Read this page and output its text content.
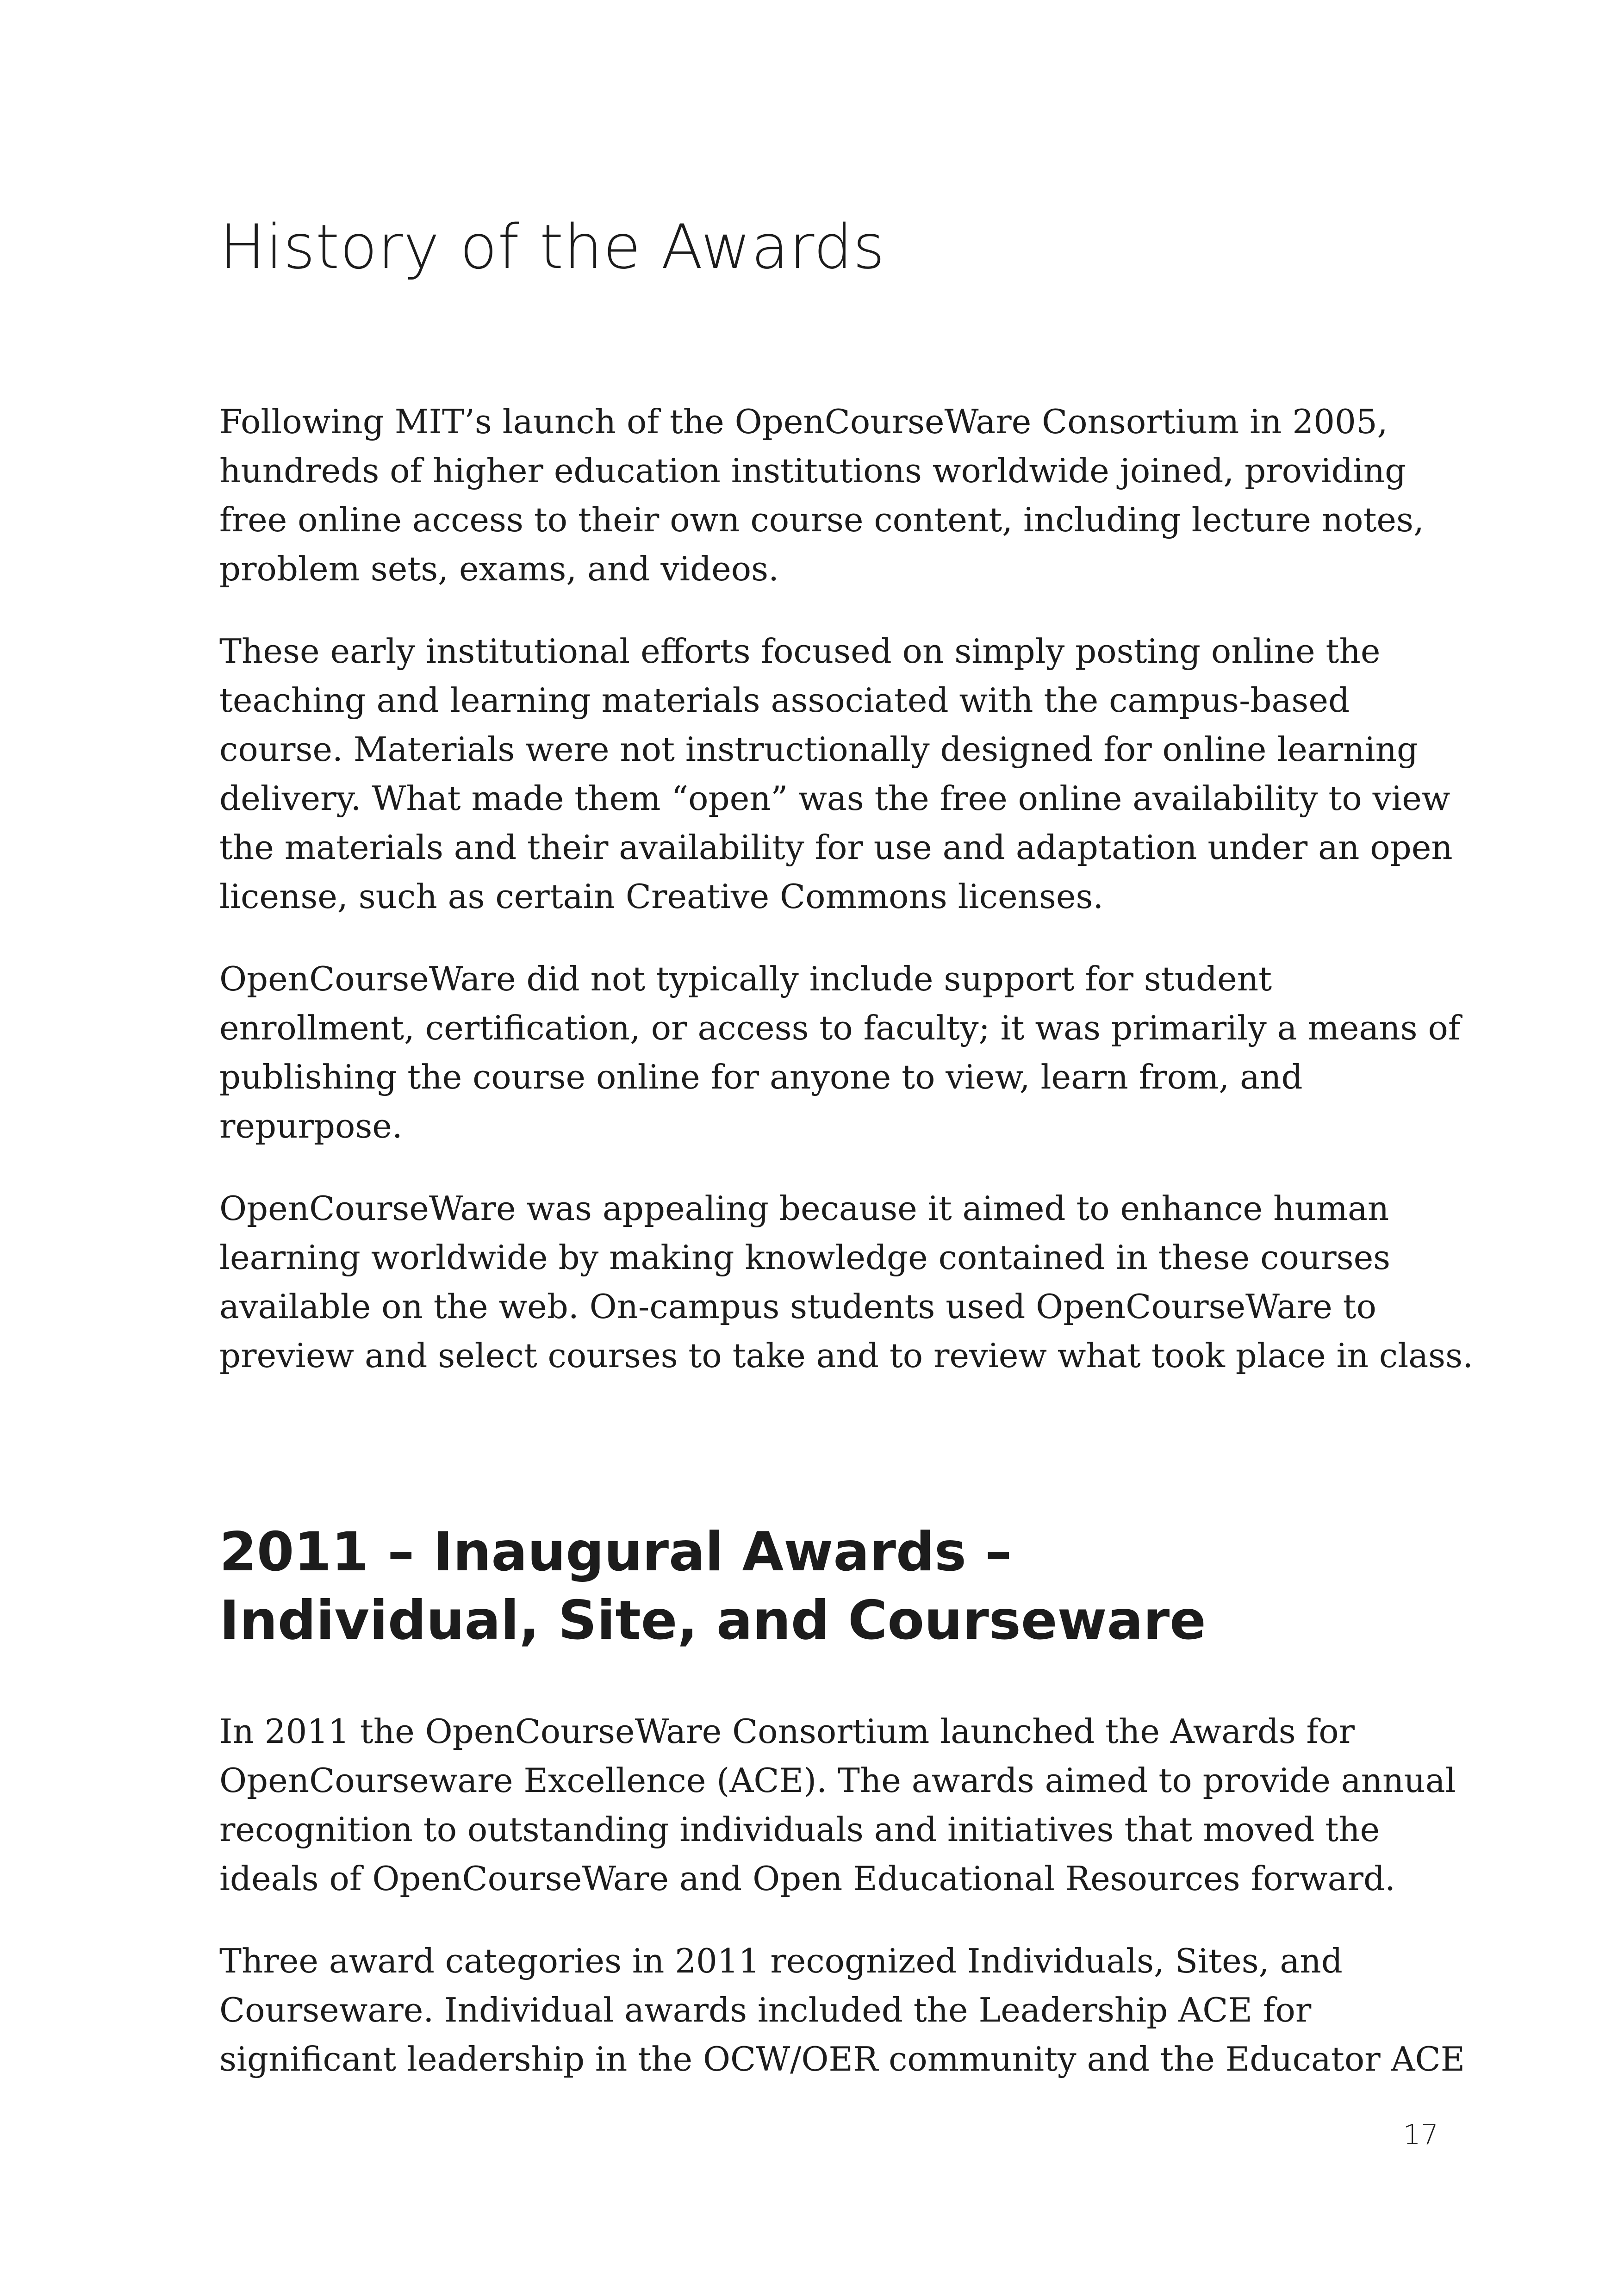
History of the Awards

Following MIT’s launch of the OpenCourseWare Consortium in 2005,
hundreds of higher education institutions worldwide joined, providing
free online access to their own course content, including lecture notes,
problem sets, exams, and videos.

These early institutional efforts focused on simply posting online the
teaching and learning materials associated with the campus-based
course. Materials were not instructionally designed for online learning
delivery. What made them “open” was the free online availability to view
the materials and their availability for use and adaptation under an open
license, such as certain Creative Commons licenses.

OpenCourseWare did not typically include support for student
enrollment, certification, or access to faculty; it was primarily a means of
publishing the course online for anyone to view, learn from, and
repurpose.

OpenCourseWare was appealing because it aimed to enhance human
learning worldwide by making knowledge contained in these courses
available on the web. On-campus students used OpenCourseWare to
preview and select courses to take and to review what took place in class.

2011 – Inaugural Awards –
Individual, Site, and Courseware

In 2011 the OpenCourseWare Consortium launched the Awards for
OpenCourseware Excellence (ACE). The awards aimed to provide annual
recognition to outstanding individuals and initiatives that moved the
ideals of OpenCourseWare and Open Educational Resources forward.

Three award categories in 2011 recognized Individuals, Sites, and
Courseware. Individual awards included the Leadership ACE for
significant leadership in the OCW/OER community and the Educator ACE

17
